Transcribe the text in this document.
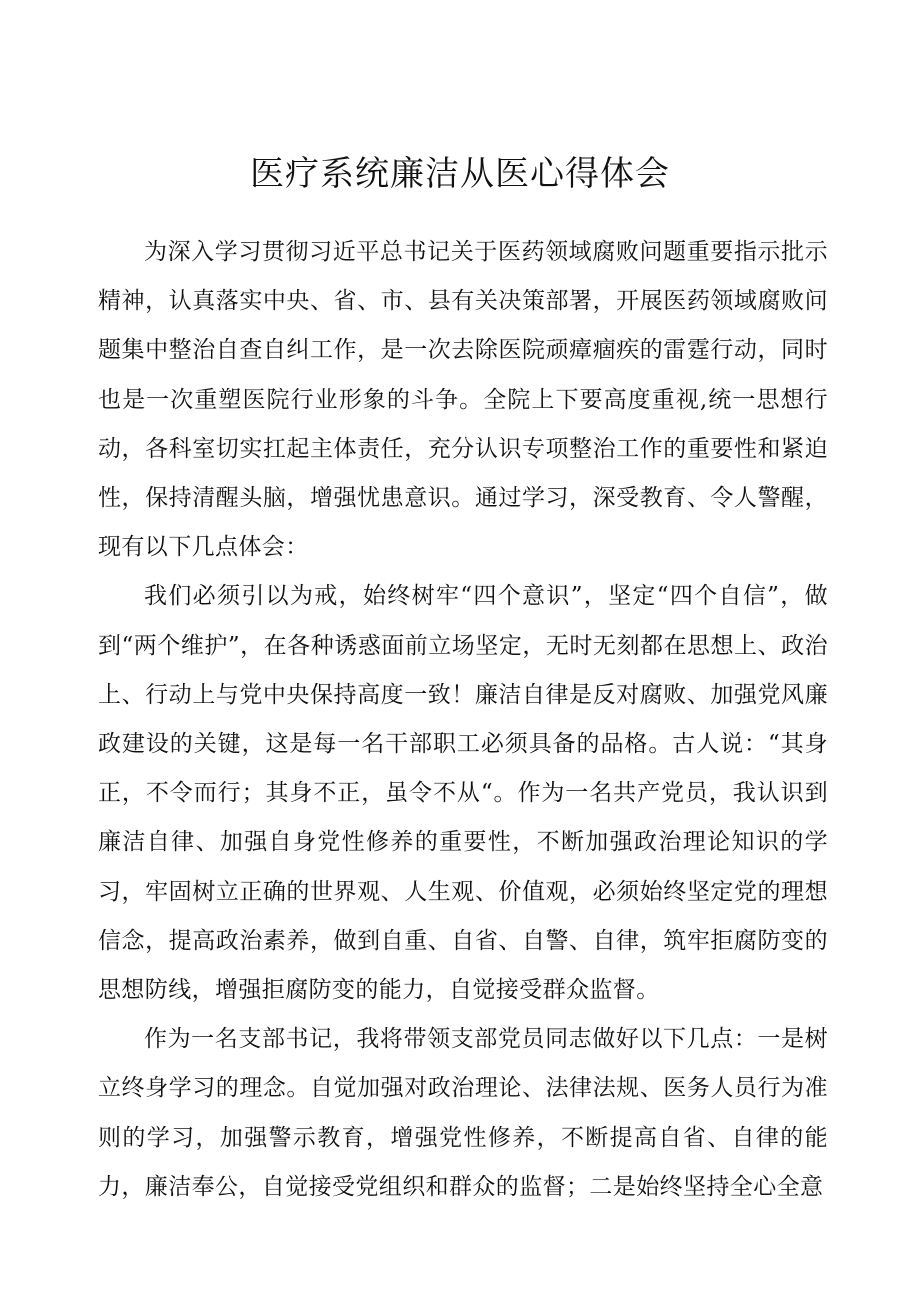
医疗系统廉洁从医心得体会

为深入学习贯彻习近平总书记关于医药领域腐败问题重要指示批示精神，认真落实中央、省、市、县有关决策部署，开展医药领域腐败问题集中整治自查自纠工作，是一次去除医院顽瘴痼疾的雷霆行动，同时也是一次重塑医院行业形象的斗争。全院上下要高度重视,统一思想行动，各科室切实扛起主体责任，充分认识专项整治工作的重要性和紧迫性，保持清醒头脑，增强忧患意识。通过学习，深受教育、令人警醒，现有以下几点体会：

我们必须引以为戒，始终树牢“四个意识”，坚定“四个自信”，做到“两个维护”，在各种诱惑面前立场坚定，无时无刻都在思想上、政治上、行动上与党中央保持高度一致！廉洁自律是反对腐败、加强党风廉政建设的关键，这是每一名干部职工必须具备的品格。古人说：“其身正，不令而行；其身不正，虽令不从“。作为一名共产党员，我认识到廉洁自律、加强自身党性修养的重要性，不断加强政治理论知识的学习，牢固树立正确的世界观、人生观、价值观，必须始终坚定党的理想信念，提高政治素养，做到自重、自省、自警、自律，筑牢拒腐防变的思想防线，增强拒腐防变的能力，自觉接受群众监督。

作为一名支部书记，我将带领支部党员同志做好以下几点：一是树立终身学习的理念。自觉加强对政治理论、法律法规、医务人员行为准则的学习，加强警示教育，增强党性修养，不断提高自省、自律的能力，廉洁奉公，自觉接受党组织和群众的监督；二是始终坚持全心全意
